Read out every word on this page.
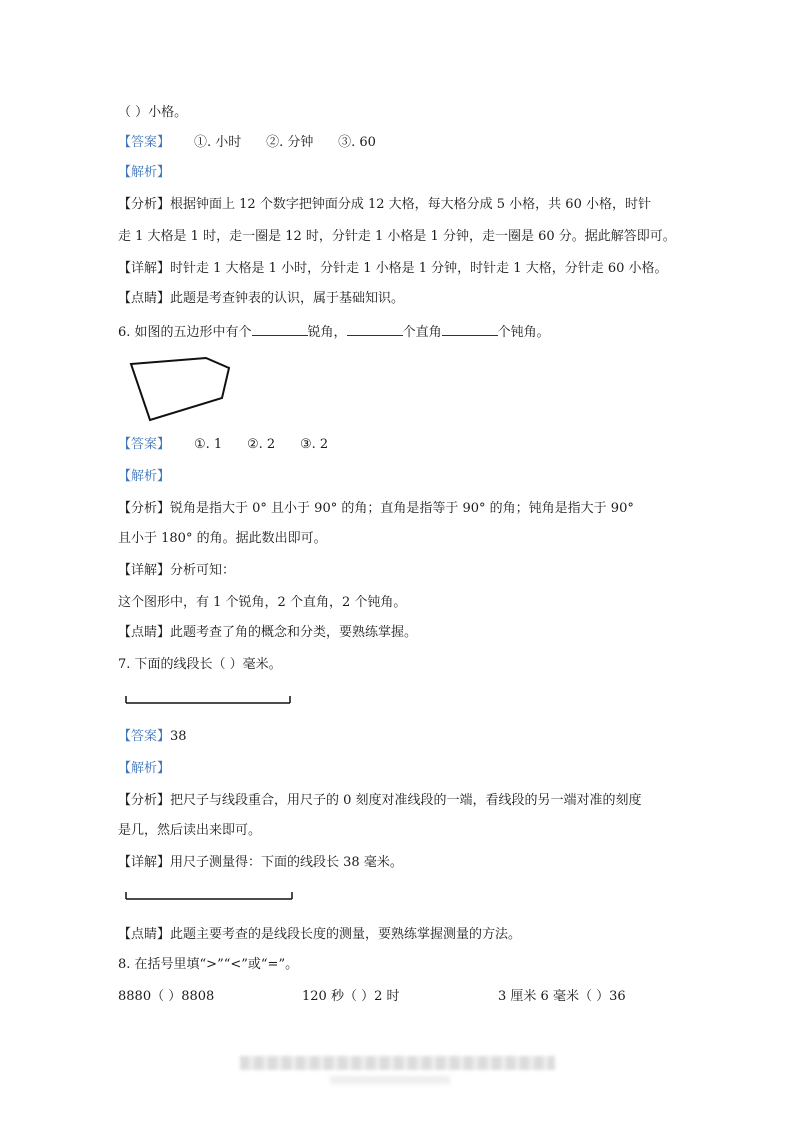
（ ）小格。
【答案】 ①. 小时      ②. 分钟      ③. 60
【解析】
【分析】根据钟面上 12 个数字把钟面分成 12 大格，每大格分成 5 小格，共 60 小格，时针
走 1 大格是 1 时，走一圈是 12 时，分针走 1 小格是 1 分钟，走一圈是 60 分。据此解答即可。
【详解】时针走 1 大格是 1 小时，分针走 1 小格是 1 分钟，时针走 1 大格，分针走 60 小格。
【点睛】此题是考查钟表的认识，属于基础知识。
6. 如图的五边形中有个	锐角，	个直角	个钝角。
【答案】 ①. 1      ②. 2      ③. 2
【解析】
【分析】锐角是指大于 0° 且小于 90° 的角；直角是指等于 90° 的角；钝角是指大于 90°
且小于 180° 的角。据此数出即可。
【详解】分析可知：
这个图形中，有 1 个锐角，2 个直角，2 个钝角。
【点睛】此题考查了角的概念和分类，要熟练掌握。
7. 下面的线段长（ ）毫米。
【答案】38
【解析】
【分析】把尺子与线段重合，用尺子的 0 刻度对准线段的一端，看线段的另一端对准的刻度
是几，然后读出来即可。
【详解】用尺子测量得：下面的线段长 38 毫米。
【点睛】此题主要考查的是线段长度的测量，要熟练掌握测量的方法。
8. 在括号里填“>”“<”或“=”。
8880（ ）8808	120 秒（ ）2 时	3 厘米 6 毫米（ ）36
